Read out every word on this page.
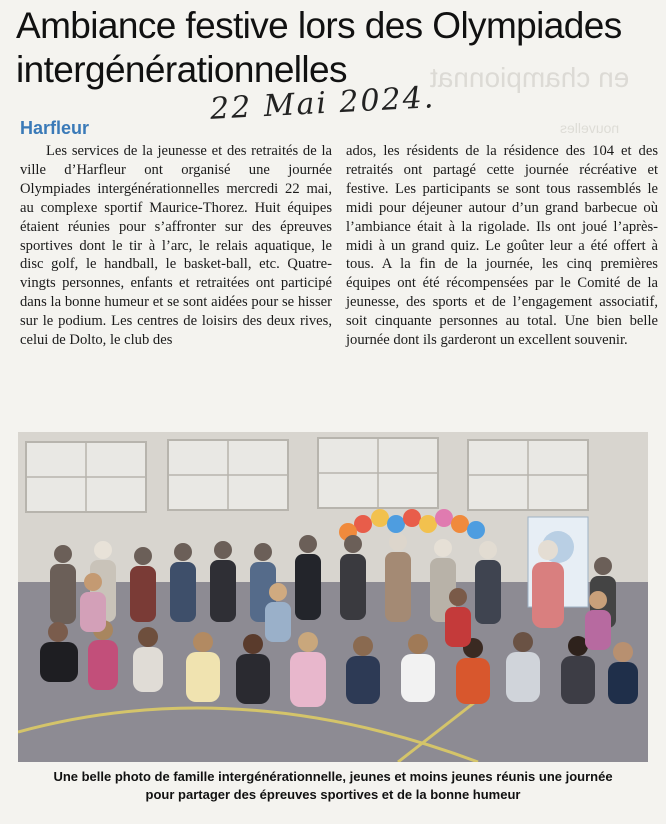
en championnat
nouvelles
Ambiance festive lors des Olympiades
intergénérationnelles
22 Mai 2024.
Harfleur

Les services de la jeunesse et des retraités de la ville d’Harfleur ont organisé une journée Olympiades intergénérationnelles mercredi 22 mai, au complexe sportif Maurice-Thorez. Huit équipes étaient réunies pour s’affronter sur des épreuves sportives dont le tir à l’arc, le relais aquatique, le disc golf, le handball, le basket-ball, etc. Quatre-vingts personnes, enfants et retraitées ont participé dans la bonne humeur et se sont aidées pour se hisser sur le podium. Les centres de loisirs des deux rives, celui de Dolto, le club des

ados, les résidents de la résidence des 104 et des retraités ont partagé cette journée récréative et festive. Les participants se sont tous rassemblés le midi pour déjeuner autour d’un grand barbecue où l’ambiance était à la rigolade. Ils ont joué l’après-midi à un grand quiz. Le goûter leur a été offert à tous. A la fin de la journée, les cinq premières équipes ont été récompensées par le Comité de la jeunesse, des sports et de l’engagement associatif, soit cinquante personnes au total. Une bien belle journée dont ils garderont un excellent souvenir.

Une belle photo de famille intergénérationnelle, jeunes et moins jeunes réunis une journée
pour partager des épreuves sportives et de la bonne humeur
